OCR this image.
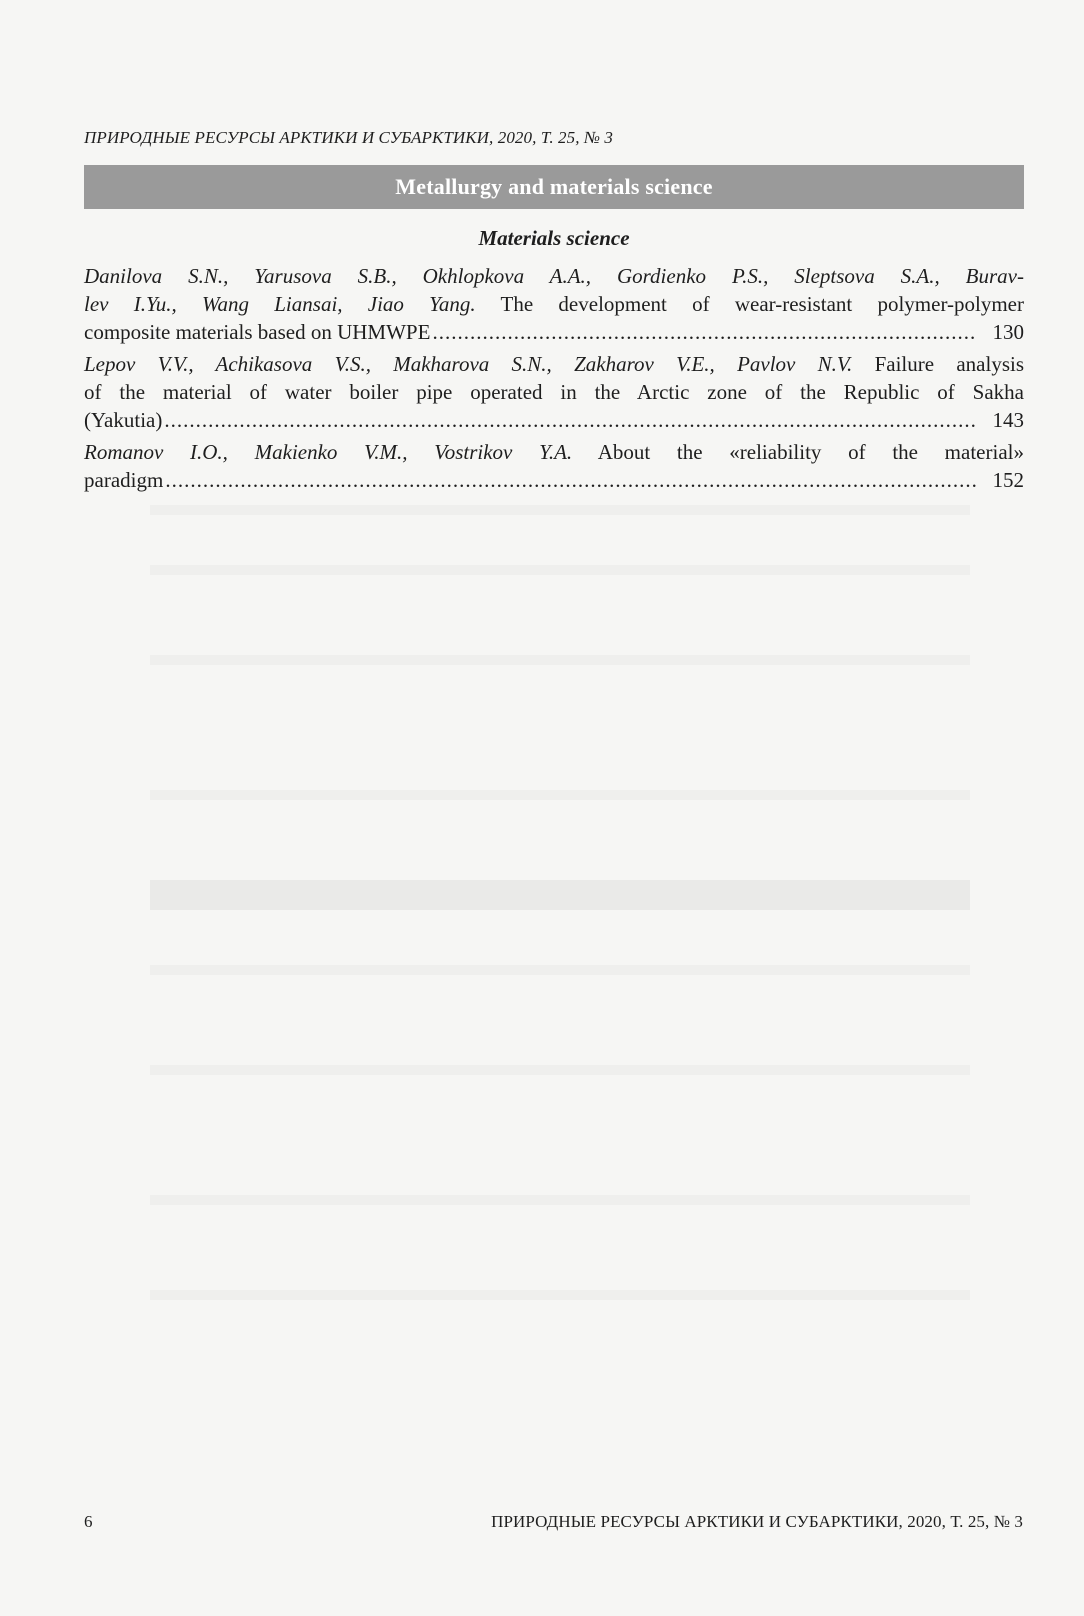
ПРИРОДНЫЕ РЕСУРСЫ АРКТИКИ И СУБАРКТИКИ, 2020, Т. 25, № 3
Metallurgy and materials science
Materials science
Danilova S.N., Yarusova S.B., Okhlopkova A.A., Gordienko P.S., Sleptsova S.A., Burav-
lev I.Yu., Wang Liansai, Jiao Yang. The development of wear-resistant polymer-polymer
composite materials based on UHMWPE .....	130
Lepov V.V., Achikasova V.S., Makharova S.N., Zakharov V.E., Pavlov N.V. Failure analysis
of the material of water boiler pipe operated in the Arctic zone of the Republic of Sakha
(Yakutia) .....	143
Romanov I.O., Makienko V.M., Vostrikov Y.A. About the «reliability of the material»
paradigm .....	152
6	ПРИРОДНЫЕ РЕСУРСЫ АРКТИКИ И СУБАРКТИКИ, 2020, Т. 25, № 3
